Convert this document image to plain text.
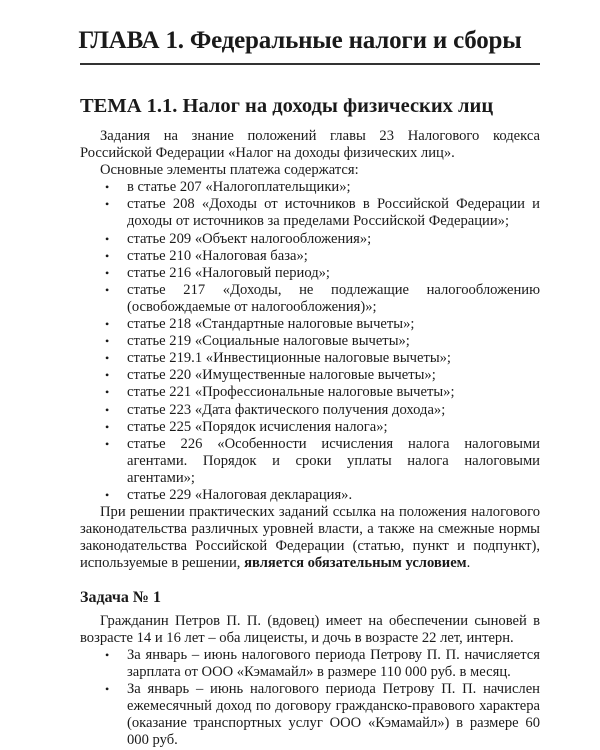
ГЛАВА 1. Федеральные налоги и сборы
ТЕМА 1.1. Налог на доходы физических лиц

Задания на знание положений главы 23 Налогового кодекса Российской Федерации «Налог на доходы физических лиц».

Основные элементы платежа содержатся:

• в статье 207 «Налогоплательщики»;
• статье 208 «Доходы от источников в Российской Федерации и доходы от источников за пределами Российской Федерации»;
• статье 209 «Объект налогообложения»;
• статье 210 «Налоговая база»;
• статье 216 «Налоговый период»;
• статье 217 «Доходы, не подлежащие налогообложению (освобождаемые от налогообложения)»;
• статье 218 «Стандартные налоговые вычеты»;
• статье 219 «Социальные налоговые вычеты»;
• статье 219.1 «Инвестиционные налоговые вычеты»;
• статье 220 «Имущественные налоговые вычеты»;
• статье 221 «Профессиональные налоговые вычеты»;
• статье 223 «Дата фактического получения дохода»;
• статье 225 «Порядок исчисления налога»;
• статье 226 «Особенности исчисления налога налоговыми агентами. Порядок и сроки уплаты налога налоговыми агентами»;
• статье 229 «Налоговая декларация».

При решении практических заданий ссылка на положения налогового законодательства различных уровней власти, а также на смежные нормы законодательства Российской Федерации (статью, пункт и подпункт), используемые в решении, является обязательным условием.

Задача № 1

Гражданин Петров П. П. (вдовец) имеет на обеспечении сыновей в возрасте 14 и 16 лет – оба лицеисты, и дочь в возрасте 22 лет, интерн.

• За январь – июнь налогового периода Петрову П. П. начисляется зарплата от ООО «Кэмамайл» в размере 110 000 руб. в месяц.
• За январь – июнь налогового периода Петрову П. П. начислен ежемесячный доход по договору гражданско-правового характера (оказание транспортных услуг ООО «Кэмамайл») в размере 60 000 руб.
